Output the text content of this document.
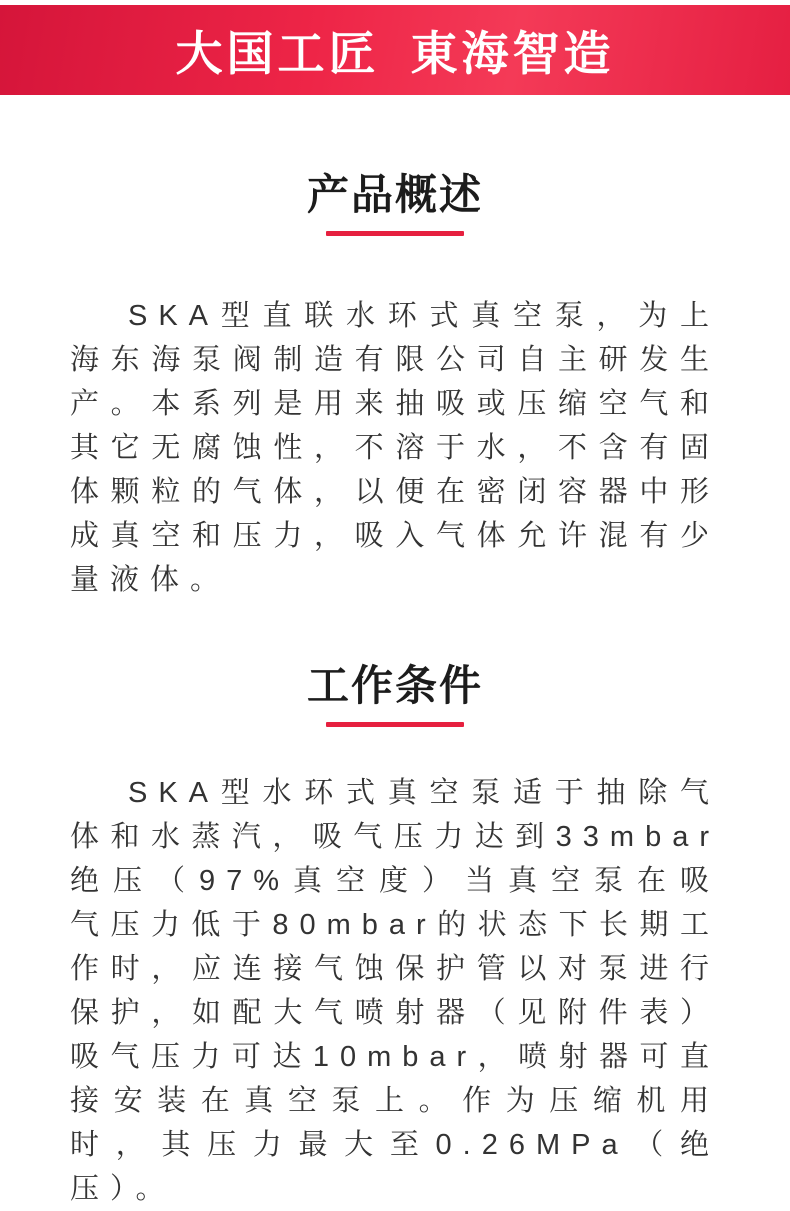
大国工匠 東海智造
产品概述

SKA型直联水环式真空泵，为上海东海泵阀制造有限公司自主研发生产。本系列是用来抽吸或压缩空气和其它无腐蚀性，不溶于水，不含有固体颗粒的气体，以便在密闭容器中形成真空和压力，吸入气体允许混有少量液体。

工作条件

SKA型水环式真空泵适于抽除气体和水蒸汽，吸气压力达到33mbar绝压（97%真空度）当真空泵在吸气压力低于80mbar的状态下长期工作时，应连接气蚀保护管以对泵进行保护，如配大气喷射器（见附件表）吸气压力可达10mbar，喷射器可直接安装在真空泵上。作为压缩机用时，其压力最大至0.26MPa（绝压）。
